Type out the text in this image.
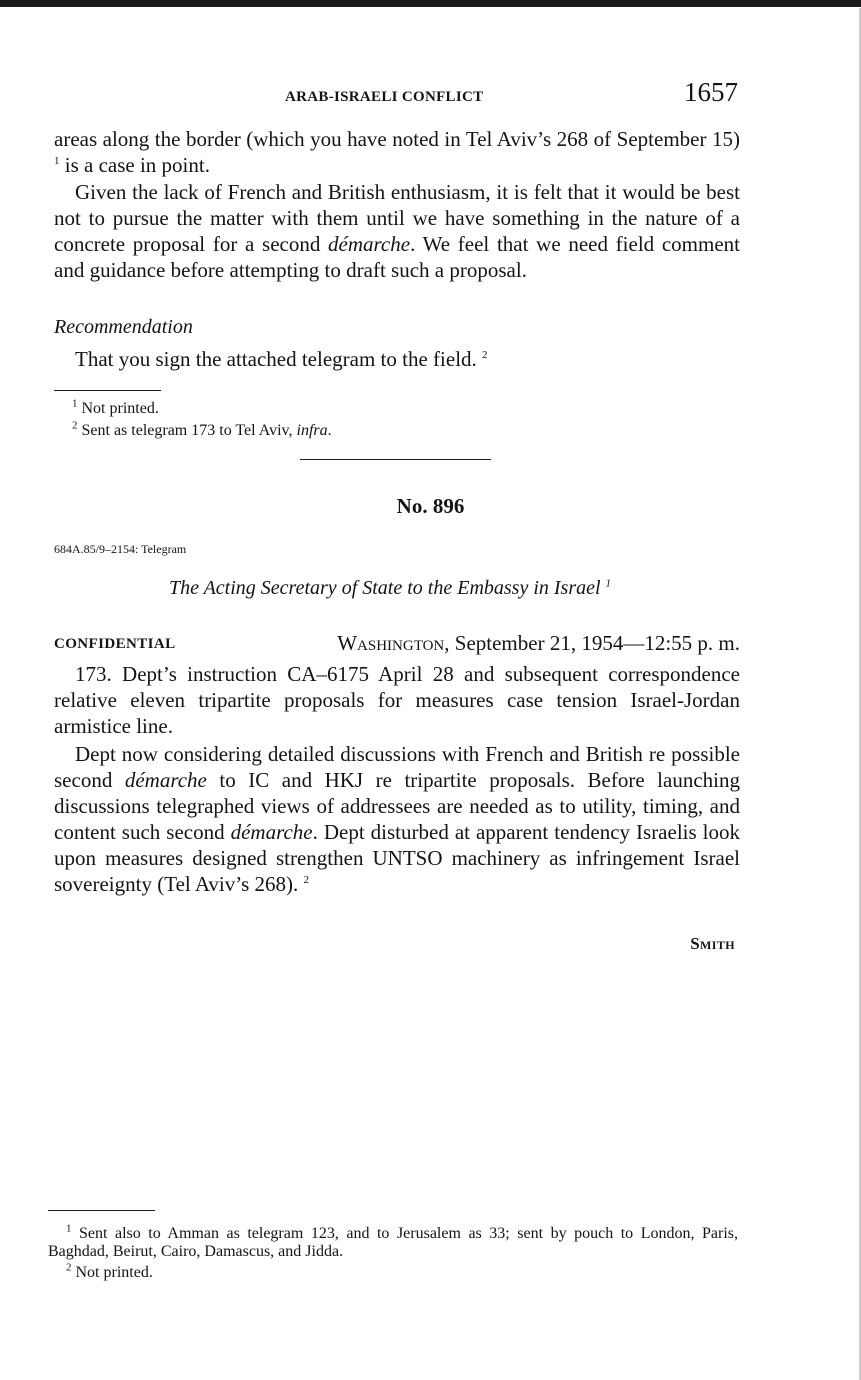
ARAB-ISRAELI CONFLICT	1657

areas along the border (which you have noted in Tel Aviv’s 268 of September 15) $^1$ is a case in point.

Given the lack of French and British enthusiasm, it is felt that it would be best not to pursue the matter with them until we have something in the nature of a concrete proposal for a second démarche. We feel that we need field comment and guidance before attempting to draft such a proposal.

Recommendation

That you sign the attached telegram to the field. $^2$

$^1$ Not printed.
$^2$ Sent as telegram 173 to Tel Aviv, infra.
No. 896
684A.85/9–2154: Telegram
The Acting Secretary of State to the Embassy in Israel $^1$
CONFIDENTIAL	Washington, September 21, 1954—12:55 p. m.

173. Dept’s instruction CA–6175 April 28 and subsequent correspondence relative eleven tripartite proposals for measures case tension Israel-Jordan armistice line.

Dept now considering detailed discussions with French and British re possible second démarche to IC and HKJ re tripartite proposals. Before launching discussions telegraphed views of addressees are needed as to utility, timing, and content such second démarche. Dept disturbed at apparent tendency Israelis look upon measures designed strengthen UNTSO machinery as infringement Israel sovereignty (Tel Aviv’s 268). $^2$

Smith
$^1$ Sent also to Amman as telegram 123, and to Jerusalem as 33; sent by pouch to London, Paris, Baghdad, Beirut, Cairo, Damascus, and Jidda.
$^2$ Not printed.
